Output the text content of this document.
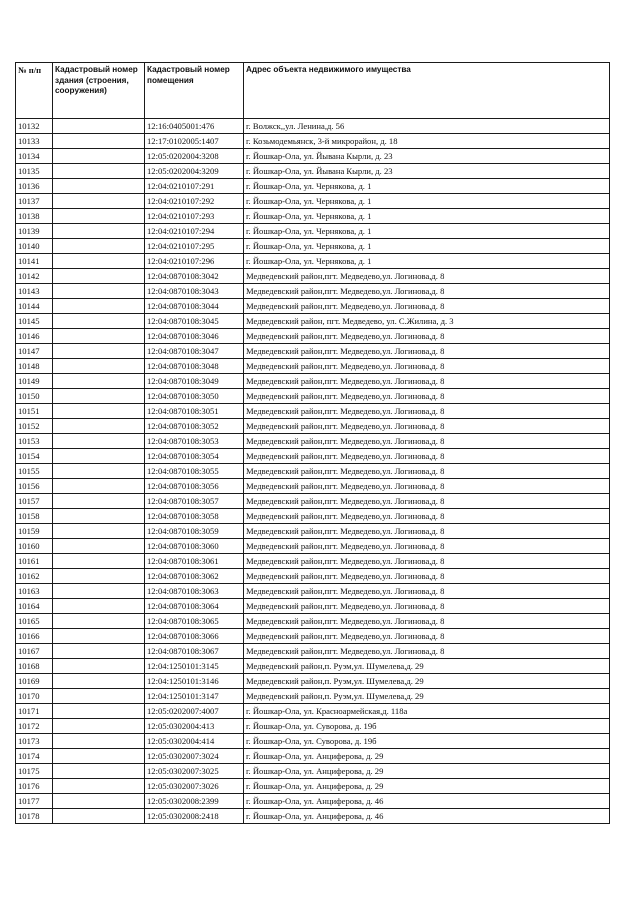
№ п/п	Кадастровый номер здания (строения, сооружения)	Кадастровый номер помещения	Адрес объекта недвижимого имущества
10132		12:16:0405001:476	г. Волжск,,ул. Ленина,д. 56
10133		12:17:0102005:1407	г. Козьмодемьянск, 3-й микрорайон, д. 18
10134		12:05:0202004:3208	г. Йошкар-Ола, ул. Йывана Кырли, д. 23
10135		12:05:0202004:3209	г. Йошкар-Ола, ул. Йывана Кырли, д. 23
10136		12:04:0210107:291	г. Йошкар-Ола, ул. Чернякова, д. 1
10137		12:04:0210107:292	г. Йошкар-Ола, ул. Чернякова, д. 1
10138		12:04:0210107:293	г. Йошкар-Ола, ул. Чернякова, д. 1
10139		12:04:0210107:294	г. Йошкар-Ола, ул. Чернякова, д. 1
10140		12:04:0210107:295	г. Йошкар-Ола, ул. Чернякова, д. 1
10141		12:04:0210107:296	г. Йошкар-Ола, ул. Чернякова, д. 1
10142		12:04:0870108:3042	Медведевский район,пгт. Медведево,ул. Логинова,д. 8
10143		12:04:0870108:3043	Медведевский район,пгт. Медведево,ул. Логинова,д. 8
10144		12:04:0870108:3044	Медведевский район,пгт. Медведево,ул. Логинова,д. 8
10145		12:04:0870108:3045	Медведевский район, пгт. Медведево, ул. С.Жилина, д. 3
10146		12:04:0870108:3046	Медведевский район,пгт. Медведево,ул. Логинова,д. 8
10147		12:04:0870108:3047	Медведевский район,пгт. Медведево,ул. Логинова,д. 8
10148		12:04:0870108:3048	Медведевский район,пгт. Медведево,ул. Логинова,д. 8
10149		12:04:0870108:3049	Медведевский район,пгт. Медведево,ул. Логинова,д. 8
10150		12:04:0870108:3050	Медведевский район,пгт. Медведево,ул. Логинова,д. 8
10151		12:04:0870108:3051	Медведевский район,пгт. Медведево,ул. Логинова,д. 8
10152		12:04:0870108:3052	Медведевский район,пгт. Медведево,ул. Логинова,д. 8
10153		12:04:0870108:3053	Медведевский район,пгт. Медведево,ул. Логинова,д. 8
10154		12:04:0870108:3054	Медведевский район,пгт. Медведево,ул. Логинова,д. 8
10155		12:04:0870108:3055	Медведевский район,пгт. Медведево,ул. Логинова,д. 8
10156		12:04:0870108:3056	Медведевский район,пгт. Медведево,ул. Логинова,д. 8
10157		12:04:0870108:3057	Медведевский район,пгт. Медведево,ул. Логинова,д. 8
10158		12:04:0870108:3058	Медведевский район,пгт. Медведево,ул. Логинова,д. 8
10159		12:04:0870108:3059	Медведевский район,пгт. Медведево,ул. Логинова,д. 8
10160		12:04:0870108:3060	Медведевский район,пгт. Медведево,ул. Логинова,д. 8
10161		12:04:0870108:3061	Медведевский район,пгт. Медведево,ул. Логинова,д. 8
10162		12:04:0870108:3062	Медведевский район,пгт. Медведево,ул. Логинова,д. 8
10163		12:04:0870108:3063	Медведевский район,пгт. Медведево,ул. Логинова,д. 8
10164		12:04:0870108:3064	Медведевский район,пгт. Медведево,ул. Логинова,д. 8
10165		12:04:0870108:3065	Медведевский район,пгт. Медведево,ул. Логинова,д. 8
10166		12:04:0870108:3066	Медведевский район,пгт. Медведево,ул. Логинова,д. 8
10167		12:04:0870108:3067	Медведевский район,пгт. Медведево,ул. Логинова,д. 8
10168		12:04:1250101:3145	Медведевский район,п. Руэм,ул. Шумелева,д. 29
10169		12:04:1250101:3146	Медведевский район,п. Руэм,ул. Шумелева,д. 29
10170		12:04:1250101:3147	Медведевский район,п. Руэм,ул. Шумелева,д. 29
10171		12:05:0202007:4007	г. Йошкар-Ола, ул. Красноармейская,д. 118а
10172		12:05:0302004:413	г. Йошкар-Ола, ул. Суворова, д. 19б
10173		12:05:0302004:414	г. Йошкар-Ола, ул. Суворова, д. 19б
10174		12:05:0302007:3024	г. Йошкар-Ола, ул. Анциферова, д. 29
10175		12:05:0302007:3025	г. Йошкар-Ола, ул. Анциферова, д. 29
10176		12:05:0302007:3026	г. Йошкар-Ола, ул. Анциферова, д. 29
10177		12:05:0302008:2399	г. Йошкар-Ола, ул. Анциферова, д. 46
10178		12:05:0302008:2418	г. Йошкар-Ола, ул. Анциферова, д. 46
